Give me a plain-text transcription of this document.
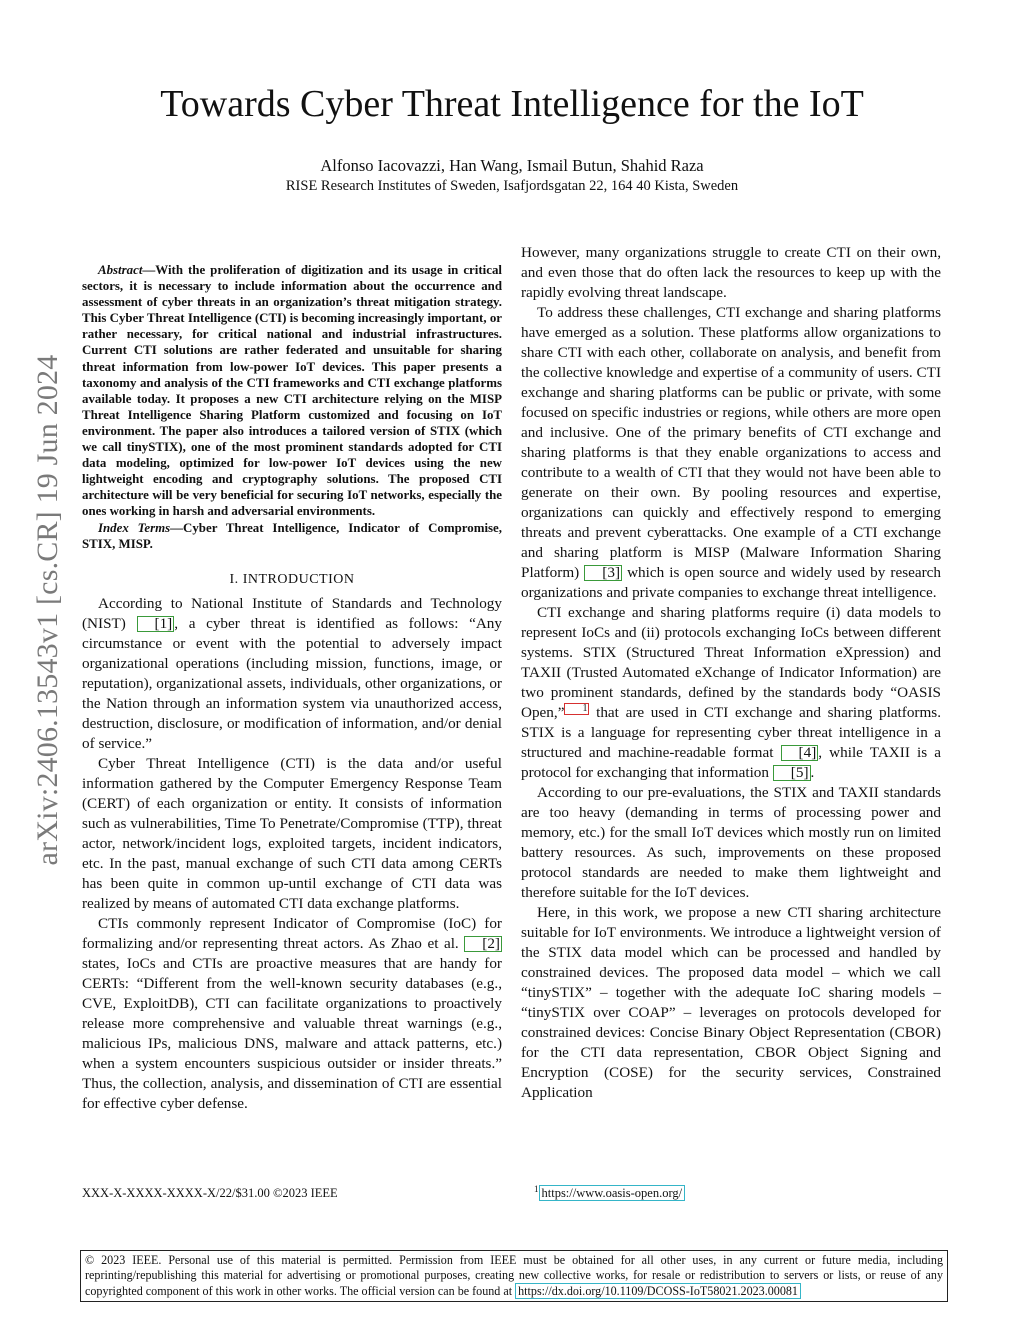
arXiv:2406.13543v1 [cs.CR] 19 Jun 2024
Towards Cyber Threat Intelligence for the IoT
Alfonso Iacovazzi, Han Wang, Ismail Butun, Shahid Raza
RISE Research Institutes of Sweden, Isafjordsgatan 22, 164 40 Kista, Sweden

Abstract—With the proliferation of digitization and its usage in critical sectors, it is necessary to include information about the occurrence and assessment of cyber threats in an organization’s threat mitigation strategy. This Cyber Threat Intelligence (CTI) is becoming increasingly important, or rather necessary, for critical national and industrial infrastructures. Current CTI solutions are rather federated and unsuitable for sharing threat information from low-power IoT devices. This paper presents a taxonomy and analysis of the CTI frameworks and CTI exchange platforms available today. It proposes a new CTI architecture relying on the MISP Threat Intelligence Sharing Platform customized and focusing on IoT environment. The paper also introduces a tailored version of STIX (which we call tinySTIX), one of the most prominent standards adopted for CTI data modeling, optimized for low-power IoT devices using the new lightweight encoding and cryptography solutions. The proposed CTI architecture will be very beneficial for securing IoT networks, especially the ones working in harsh and adversarial environments.

Index Terms—Cyber Threat Intelligence, Indicator of Compromise, STIX, MISP.

I. INTRODUCTION

According to National Institute of Standards and Technology (NIST) [1] , a cyber threat is identified as follows: “Any circumstance or event with the potential to adversely impact organizational operations (including mission, functions, image, or reputation), organizational assets, individuals, other organizations, or the Nation through an information system via unauthorized access, destruction, disclosure, or modification of information, and/or denial of service.”

Cyber Threat Intelligence (CTI) is the data and/or useful information gathered by the Computer Emergency Response Team (CERT) of each organization or entity. It consists of information such as vulnerabilities, Time To Penetrate/Compromise (TTP), threat actor, network/incident logs, exploited targets, incident indicators, etc. In the past, manual exchange of such CTI data among CERTs has been quite in common up-until exchange of CTI data was realized by means of automated CTI data exchange platforms.

CTIs commonly represent Indicator of Compromise (IoC) for formalizing and/or representing threat actors. As Zhao et al. [2] states, IoCs and CTIs are proactive measures that are handy for CERTs: “Different from the well-known security databases (e.g., CVE, ExploitDB), CTI can facilitate organizations to proactively release more comprehensive and valuable threat warnings (e.g., malicious IPs, malicious DNS, malware and attack patterns, etc.) when a system encounters suspicious outsider or insider threats.” Thus, the collection, analysis, and dissemination of CTI are essential for effective cyber defense.

However, many organizations struggle to create CTI on their own, and even those that do often lack the resources to keep up with the rapidly evolving threat landscape.

To address these challenges, CTI exchange and sharing platforms have emerged as a solution. These platforms allow organizations to share CTI with each other, collaborate on analysis, and benefit from the collective knowledge and expertise of a community of users. CTI exchange and sharing platforms can be public or private, with some focused on specific industries or regions, while others are more open and inclusive. One of the primary benefits of CTI exchange and sharing platforms is that they enable organizations to access and contribute to a wealth of CTI that they would not have been able to generate on their own. By pooling resources and expertise, organizations can quickly and effectively respond to emerging threats and prevent cyberattacks. One example of a CTI exchange and sharing platform is MISP (Malware Information Sharing Platform) [3] which is open source and widely used by research organizations and private companies to exchange threat intelligence.

CTI exchange and sharing platforms require (i) data models to represent IoCs and (ii) protocols exchanging IoCs between different systems. STIX (Structured Threat Information eXpression) and TAXII (Trusted Automated eXchange of Indicator Information) are two prominent standards, defined by the standards body “OASIS Open,” 1 that are used in CTI exchange and sharing platforms. STIX is a language for representing cyber threat intelligence in a structured and machine-readable format [4] , while TAXII is a protocol for exchanging that information [5] .

According to our pre-evaluations, the STIX and TAXII standards are too heavy (demanding in terms of processing power and memory, etc.) for the small IoT devices which mostly run on limited battery resources. As such, improvements on these proposed protocol standards are needed to make them lightweight and therefore suitable for the IoT devices.

Here, in this work, we propose a new CTI sharing architecture suitable for IoT environments. We introduce a lightweight version of the STIX data model which can be processed and handled by constrained devices. The proposed data model – which we call “tinySTIX” – together with the adequate IoC sharing models – “tinySTIX over COAP” – leverages on protocols developed for constrained devices: Concise Binary Object Representation (CBOR) for the CTI data representation, CBOR Object Signing and Encryption (COSE) for the security services, Constrained Application

XXX-X-XXXX-XXXX-X/22/$31.00 ©2023 IEEE	$^1$ https://www.oasis-open.org/
© 2023 IEEE. Personal use of this material is permitted. Permission from IEEE must be obtained for all other uses, in any current or future media, including reprinting/republishing this material for advertising or promotional purposes, creating new collective works, for resale or redistribution to servers or lists, or reuse of any copyrighted component of this work in other works. The official version can be found at https://dx.doi.org/10.1109/DCOSS-IoT58021.2023.00081
